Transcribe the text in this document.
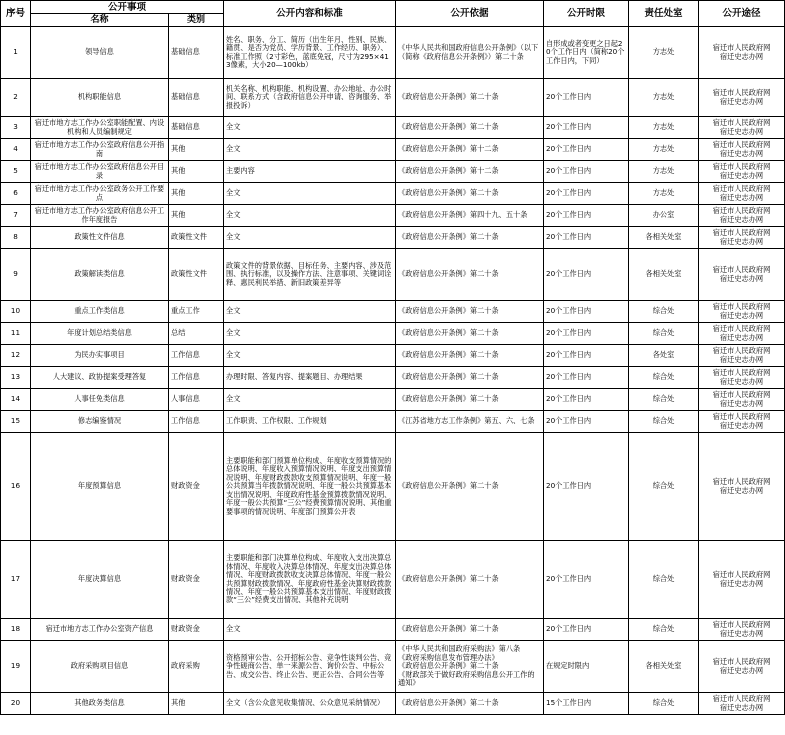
序号	公开事项		公开内容和标准	公开依据	公开时限	责任处室	公开途径
	名称	类别					
1	领导信息	基础信息	姓名、职务、分工、简历（出生年月、性别、民族、籍贯、是否为党员、学历背景、工作经历、职务）、标准工作照（2寸彩色，蓝底免冠，尺寸为295×413像素，大小20—100kb）	《中华人民共和国政府信息公开条例》（以下（简称《政府信息公开条例》）第二十条	自形成或者变更之日起20个工作日内（简称20个工作日内，下同）	方志处	宿迁市人民政府网
宿迁史志办网
2	机构职能信息	基础信息	机关名称、机构职能、机构设置、办公地址、办公时间、联系方式（含政府信息公开申请、咨询服务、举报投诉）	《政府信息公开条例》第二十条	20个工作日内	方志处	宿迁市人民政府网
宿迁史志办网
3	宿迁市地方志工作办公室职能配置、内设机构和人员编制规定	基础信息	全文	《政府信息公开条例》第二十条	20个工作日内	方志处	宿迁市人民政府网
宿迁史志办网
4	宿迁市地方志工作办公室政府信息公开指南	其他	全文	《政府信息公开条例》第十二条	20个工作日内	方志处	宿迁市人民政府网
宿迁史志办网
5	宿迁市地方志工作办公室政府信息公开目录	其他	主要内容	《政府信息公开条例》第十二条	20个工作日内	方志处	宿迁市人民政府网
宿迁史志办网
6	宿迁市地方志工作办公室政务公开工作要点	其他	全文	《政府信息公开条例》第二十条	20个工作日内	方志处	宿迁市人民政府网
宿迁史志办网
7	宿迁市地方志工作办公室政府信息公开工作年度报告	其他	全文	《政府信息公开条例》第四十九、五十条	20个工作日内	办公室	宿迁市人民政府网
宿迁史志办网
8	政策性文件信息	政策性文件	全文	《政府信息公开条例》第二十条	20个工作日内	各相关处室	宿迁市人民政府网
宿迁史志办网
9	政策解读类信息	政策性文件	政策文件的背景依据、目标任务、主要内容、涉及范围、执行标准，以及操作方法、注意事项、关键词诠释、惠民利民举措、新旧政策差异等	《政府信息公开条例》第二十条	20个工作日内	各相关处室	宿迁市人民政府网
宿迁史志办网
10	重点工作类信息	重点工作	全文	《政府信息公开条例》第二十条	20个工作日内	综合处	宿迁市人民政府网
宿迁史志办网
11	年度计划总结类信息	总结	全文	《政府信息公开条例》第二十条	20个工作日内	综合处	宿迁市人民政府网
宿迁史志办网
12	为民办实事项目	工作信息	全文	《政府信息公开条例》第二十条	20个工作日内	各处室	宿迁市人民政府网
宿迁史志办网
13	人大建议、政协提案受理答复	工作信息	办理时限、答复内容、提案题目、办理结果	《政府信息公开条例》第二十条	20个工作日内	综合处	宿迁市人民政府网
宿迁史志办网
14	人事任免类信息	人事信息	全文	《政府信息公开条例》第二十条	20个工作日内	综合处	宿迁市人民政府网
宿迁史志办网
15	修志编鉴情况	工作信息	工作职责、工作权限、工作规划	《江苏省地方志工作条例》第五、六、七条	20个工作日内	综合处	宿迁市人民政府网
宿迁史志办网
16	年度预算信息	财政资金	主要职能和部门预算单位构成、年度收支预算情况的总体说明、年度收入预算情况说明、年度支出预算情况说明、年度财政拨款收支预算情况说明、年度一般公共预算当年拨款情况说明、年度一般公共预算基本支出情况说明、年度政府性基金预算拨款情况说明、年度一般公共预算“三公”经费预算情况说明、其他重要事项的情况说明、年度部门预算公开表	《政府信息公开条例》第二十条	20个工作日内	综合处	宿迁市人民政府网
宿迁史志办网
17	年度决算信息	财政资金	主要职能和部门决算单位构成、年度收入支出决算总体情况、年度收入决算总体情况、年度支出决算总体情况、年度财政拨款收支决算总体情况、年度一般公共预算财政拨款情况、年度政府性基金决算财政拨款情况、年度一般公共预算基本支出情况、年度财政拨款“三公”经费支出情况、其他补充说明	《政府信息公开条例》第二十条	20个工作日内	综合处	宿迁市人民政府网
宿迁史志办网
18	宿迁市地方志工作办公室资产信息	财政资金	全文	《政府信息公开条例》第二十条	20个工作日内	综合处	宿迁市人民政府网
宿迁史志办网
19	政府采购项目信息	政府采购	资格预审公告、公开招标公告、竞争性谈判公告、竞争性磋商公告、单一来源公告、询价公告、中标公告、成交公告、终止公告、更正公告、合同公告等	《中华人民共和国政府采购法》第八条
《政府采购信息发布管理办法》
《政府信息公开条例》第二十条
《财政部关于做好政府采购信息公开工作的通知》	在规定时限内	各相关处室	宿迁市人民政府网
宿迁史志办网
20	其他政务类信息	其他	全文（含公众意见收集情况、公众意见采纳情况）	《政府信息公开条例》第二十条	15个工作日内	综合处	宿迁市人民政府网
宿迁史志办网
